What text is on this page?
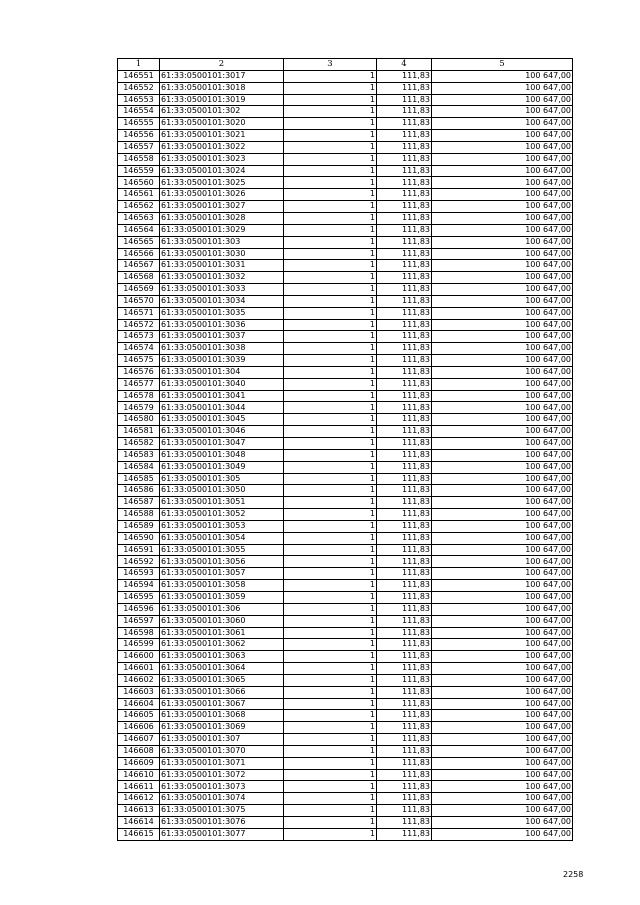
1	2	3	4	5
146551	61:33:0500101:3017	1	111,83	100 647,00
146552	61:33:0500101:3018	1	111,83	100 647,00
146553	61:33:0500101:3019	1	111,83	100 647,00
146554	61:33:0500101:302	1	111,83	100 647,00
146555	61:33:0500101:3020	1	111,83	100 647,00
146556	61:33:0500101:3021	1	111,83	100 647,00
146557	61:33:0500101:3022	1	111,83	100 647,00
146558	61:33:0500101:3023	1	111,83	100 647,00
146559	61:33:0500101:3024	1	111,83	100 647,00
146560	61:33:0500101:3025	1	111,83	100 647,00
146561	61:33:0500101:3026	1	111,83	100 647,00
146562	61:33:0500101:3027	1	111,83	100 647,00
146563	61:33:0500101:3028	1	111,83	100 647,00
146564	61:33:0500101:3029	1	111,83	100 647,00
146565	61:33:0500101:303	1	111,83	100 647,00
146566	61:33:0500101:3030	1	111,83	100 647,00
146567	61:33:0500101:3031	1	111,83	100 647,00
146568	61:33:0500101:3032	1	111,83	100 647,00
146569	61:33:0500101:3033	1	111,83	100 647,00
146570	61:33:0500101:3034	1	111,83	100 647,00
146571	61:33:0500101:3035	1	111,83	100 647,00
146572	61:33:0500101:3036	1	111,83	100 647,00
146573	61:33:0500101:3037	1	111,83	100 647,00
146574	61:33:0500101:3038	1	111,83	100 647,00
146575	61:33:0500101:3039	1	111,83	100 647,00
146576	61:33:0500101:304	1	111,83	100 647,00
146577	61:33:0500101:3040	1	111,83	100 647,00
146578	61:33:0500101:3041	1	111,83	100 647,00
146579	61:33:0500101:3044	1	111,83	100 647,00
146580	61:33:0500101:3045	1	111,83	100 647,00
146581	61:33:0500101:3046	1	111,83	100 647,00
146582	61:33:0500101:3047	1	111,83	100 647,00
146583	61:33:0500101:3048	1	111,83	100 647,00
146584	61:33:0500101:3049	1	111,83	100 647,00
146585	61:33:0500101:305	1	111,83	100 647,00
146586	61:33:0500101:3050	1	111,83	100 647,00
146587	61:33:0500101:3051	1	111,83	100 647,00
146588	61:33:0500101:3052	1	111,83	100 647,00
146589	61:33:0500101:3053	1	111,83	100 647,00
146590	61:33:0500101:3054	1	111,83	100 647,00
146591	61:33:0500101:3055	1	111,83	100 647,00
146592	61:33:0500101:3056	1	111,83	100 647,00
146593	61:33:0500101:3057	1	111,83	100 647,00
146594	61:33:0500101:3058	1	111,83	100 647,00
146595	61:33:0500101:3059	1	111,83	100 647,00
146596	61:33:0500101:306	1	111,83	100 647,00
146597	61:33:0500101:3060	1	111,83	100 647,00
146598	61:33:0500101:3061	1	111,83	100 647,00
146599	61:33:0500101:3062	1	111,83	100 647,00
146600	61:33:0500101:3063	1	111,83	100 647,00
146601	61:33:0500101:3064	1	111,83	100 647,00
146602	61:33:0500101:3065	1	111,83	100 647,00
146603	61:33:0500101:3066	1	111,83	100 647,00
146604	61:33:0500101:3067	1	111,83	100 647,00
146605	61:33:0500101:3068	1	111,83	100 647,00
146606	61:33:0500101:3069	1	111,83	100 647,00
146607	61:33:0500101:307	1	111,83	100 647,00
146608	61:33:0500101:3070	1	111,83	100 647,00
146609	61:33:0500101:3071	1	111,83	100 647,00
146610	61:33:0500101:3072	1	111,83	100 647,00
146611	61:33:0500101:3073	1	111,83	100 647,00
146612	61:33:0500101:3074	1	111,83	100 647,00
146613	61:33:0500101:3075	1	111,83	100 647,00
146614	61:33:0500101:3076	1	111,83	100 647,00
146615	61:33:0500101:3077	1	111,83	100 647,00
2258
